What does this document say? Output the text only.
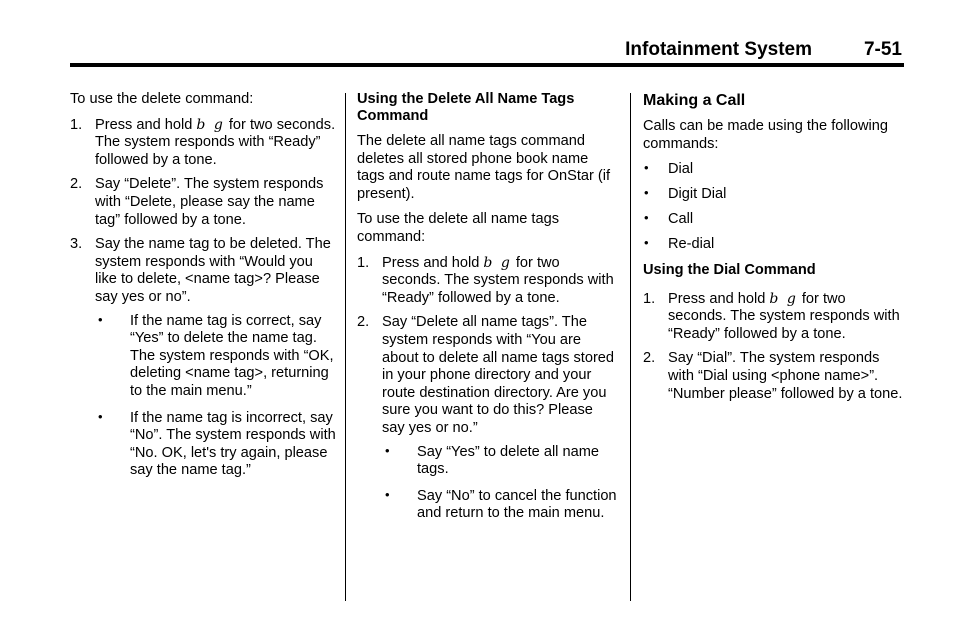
Infotainment System	7-51

To use the delete command:

1. Press and hold b g for two seconds. The system responds with “Ready” followed by a tone.
2. Say “Delete”. The system responds with “Delete, please say the name tag” followed by a tone.
3. Say the name tag to be deleted. The system responds with “Would you like to delete, <name tag>? Please say yes or no”.
• If the name tag is correct, say “Yes” to delete the name tag. The system responds with “OK, deleting <name tag>, returning to the main menu.”
• If the name tag is incorrect, say “No”. The system responds with “No. OK, let's try again, please say the name tag.”
Using the Delete All Name Tags Command

The delete all name tags command deletes all stored phone book name tags and route name tags for OnStar (if present).

To use the delete all name tags command:

1. Press and hold b g for two seconds. The system responds with “Ready” followed by a tone.
2. Say “Delete all name tags”. The system responds with “You are about to delete all name tags stored in your phone directory and your route destination directory. Are you sure you want to do this? Please say yes or no.”
• Say “Yes” to delete all name tags.
• Say “No” to cancel the function and return to the main menu.
Making a Call

Calls can be made using the following commands:

• Dial
• Digit Dial
• Call
• Re-dial
Using the Dial Command
1. Press and hold b g for two seconds. The system responds with “Ready” followed by a tone.
2. Say “Dial”. The system responds with “Dial using <phone name>”. “Number please” followed by a tone.
